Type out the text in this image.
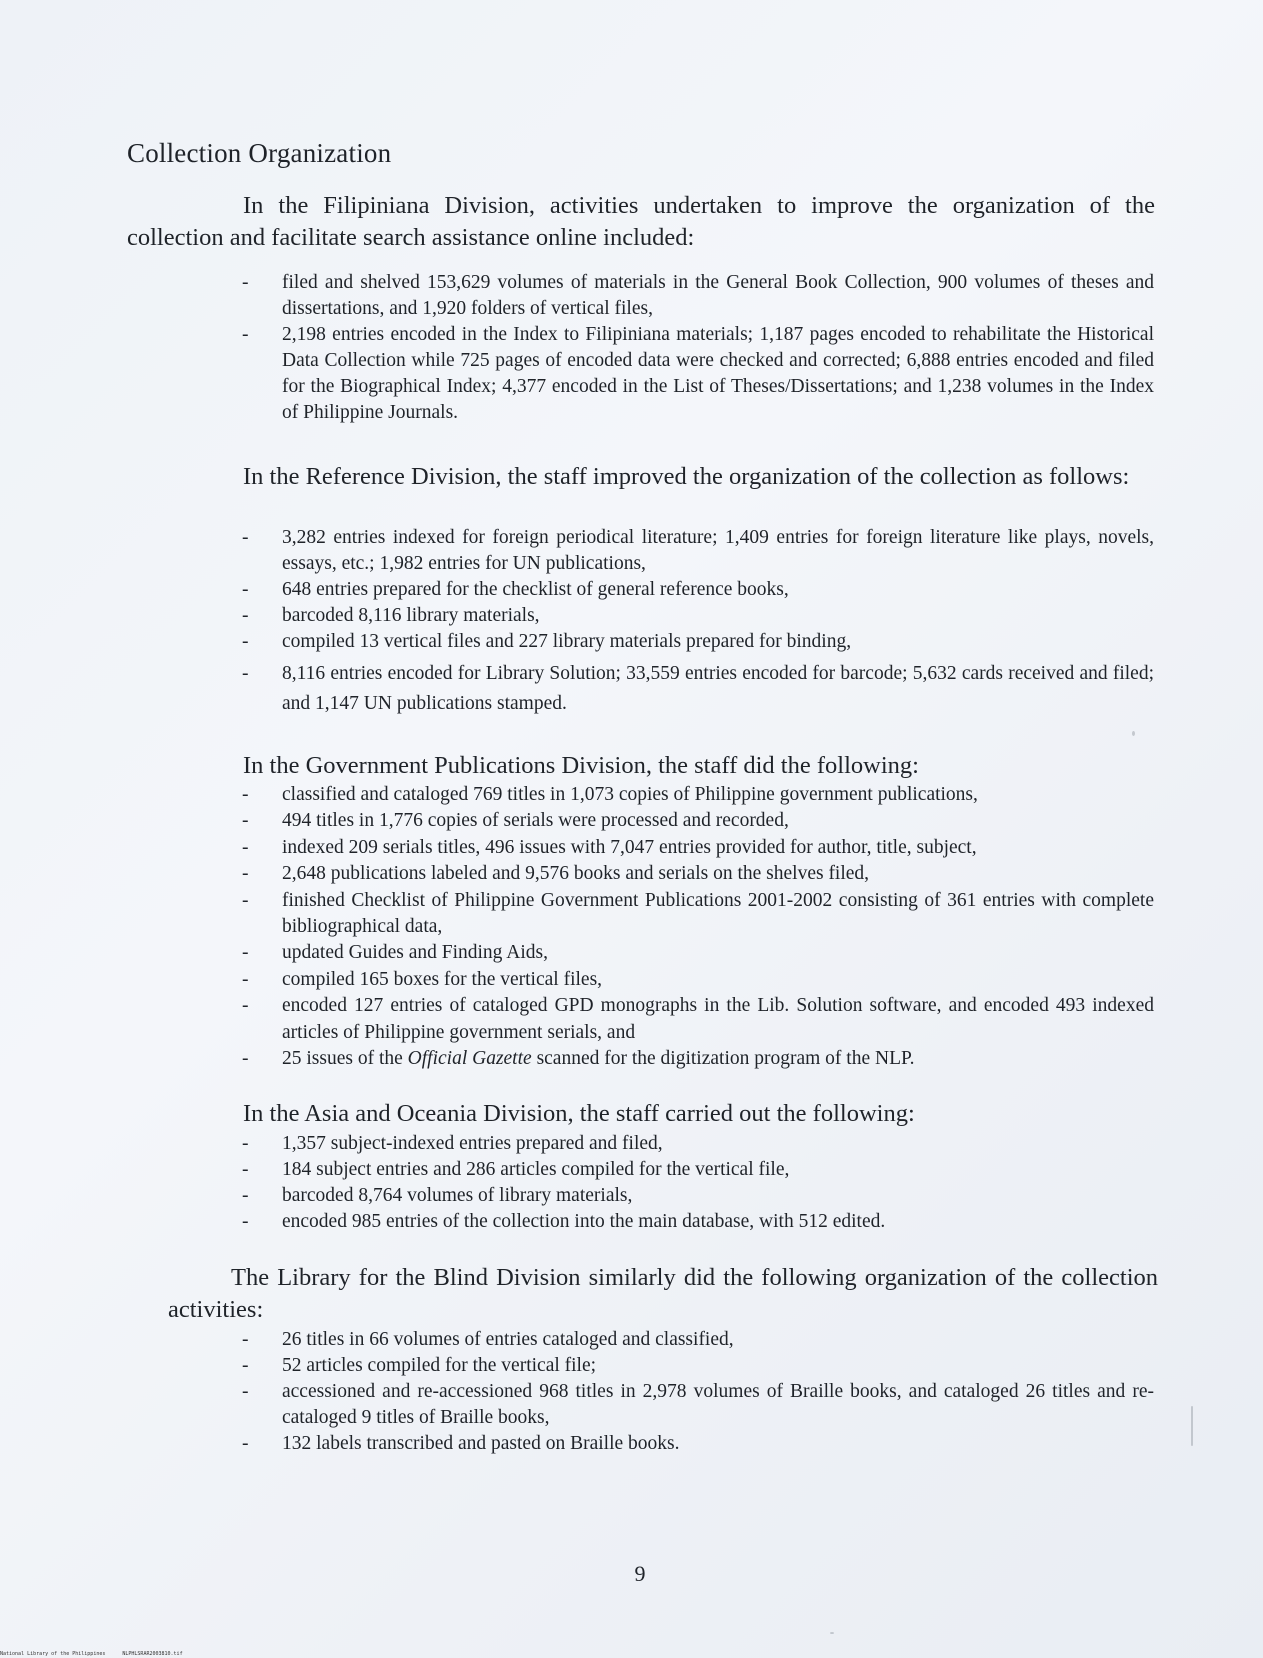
Collection Organization

In the Filipiniana Division, activities undertaken to improve the organization of the collection and facilitate search assistance online included:

- filed and shelved 153,629 volumes of materials in the General Book Collection, 900 volumes of theses and dissertations, and 1,920 folders of vertical files,
- 2,198 entries encoded in the Index to Filipiniana materials; 1,187 pages encoded to rehabilitate the Historical Data Collection while 725 pages of encoded data were checked and corrected; 6,888 entries encoded and filed for the Biographical Index; 4,377 encoded in the List of Theses/Dissertations; and 1,238 volumes in the Index of Philippine Journals.

In the Reference Division, the staff improved the organization of the collection as follows:

- 3,282 entries indexed for foreign periodical literature; 1,409 entries for foreign literature like plays, novels, essays, etc.; 1,982 entries for UN publications,
- 648 entries prepared for the checklist of general reference books,
- barcoded 8,116 library materials,
- compiled 13 vertical files and 227 library materials prepared for binding,
- 8,116 entries encoded for Library Solution; 33,559 entries encoded for barcode; 5,632 cards received and filed; and 1,147 UN publications stamped.

In the Government Publications Division, the staff did the following:

- classified and cataloged 769 titles in 1,073 copies of Philippine government publications,
- 494 titles in 1,776 copies of serials were processed and recorded,
- indexed 209 serials titles, 496 issues with 7,047 entries provided for author, title, subject,
- 2,648 publications labeled and 9,576 books and serials on the shelves filed,
- finished Checklist of Philippine Government Publications 2001-2002 consisting of 361 entries with complete bibliographical data,
- updated Guides and Finding Aids,
- compiled 165 boxes for the vertical files,
- encoded 127 entries of cataloged GPD monographs in the Lib. Solution software, and encoded 493 indexed articles of Philippine government serials, and
- 25 issues of the Official Gazette scanned for the digitization program of the NLP.

In the Asia and Oceania Division, the staff carried out the following:

- 1,357 subject-indexed entries prepared and filed,
- 184 subject entries and 286 articles compiled for the vertical file,
- barcoded 8,764 volumes of library materials,
- encoded 985 entries of the collection into the main database, with 512 edited.

The Library for the Blind Division similarly did the following organization of the collection activities:

- 26 titles in 66 volumes of entries cataloged and classified,
- 52 articles compiled for the vertical file;
- accessioned and re-accessioned 968 titles in 2,978 volumes of Braille books, and cataloged 26 titles and re-cataloged 9 titles of Braille books,
- 132 labels transcribed and pasted on Braille books.
9
National Library of the Philippines	NLPHLSRAR2003810.tif
